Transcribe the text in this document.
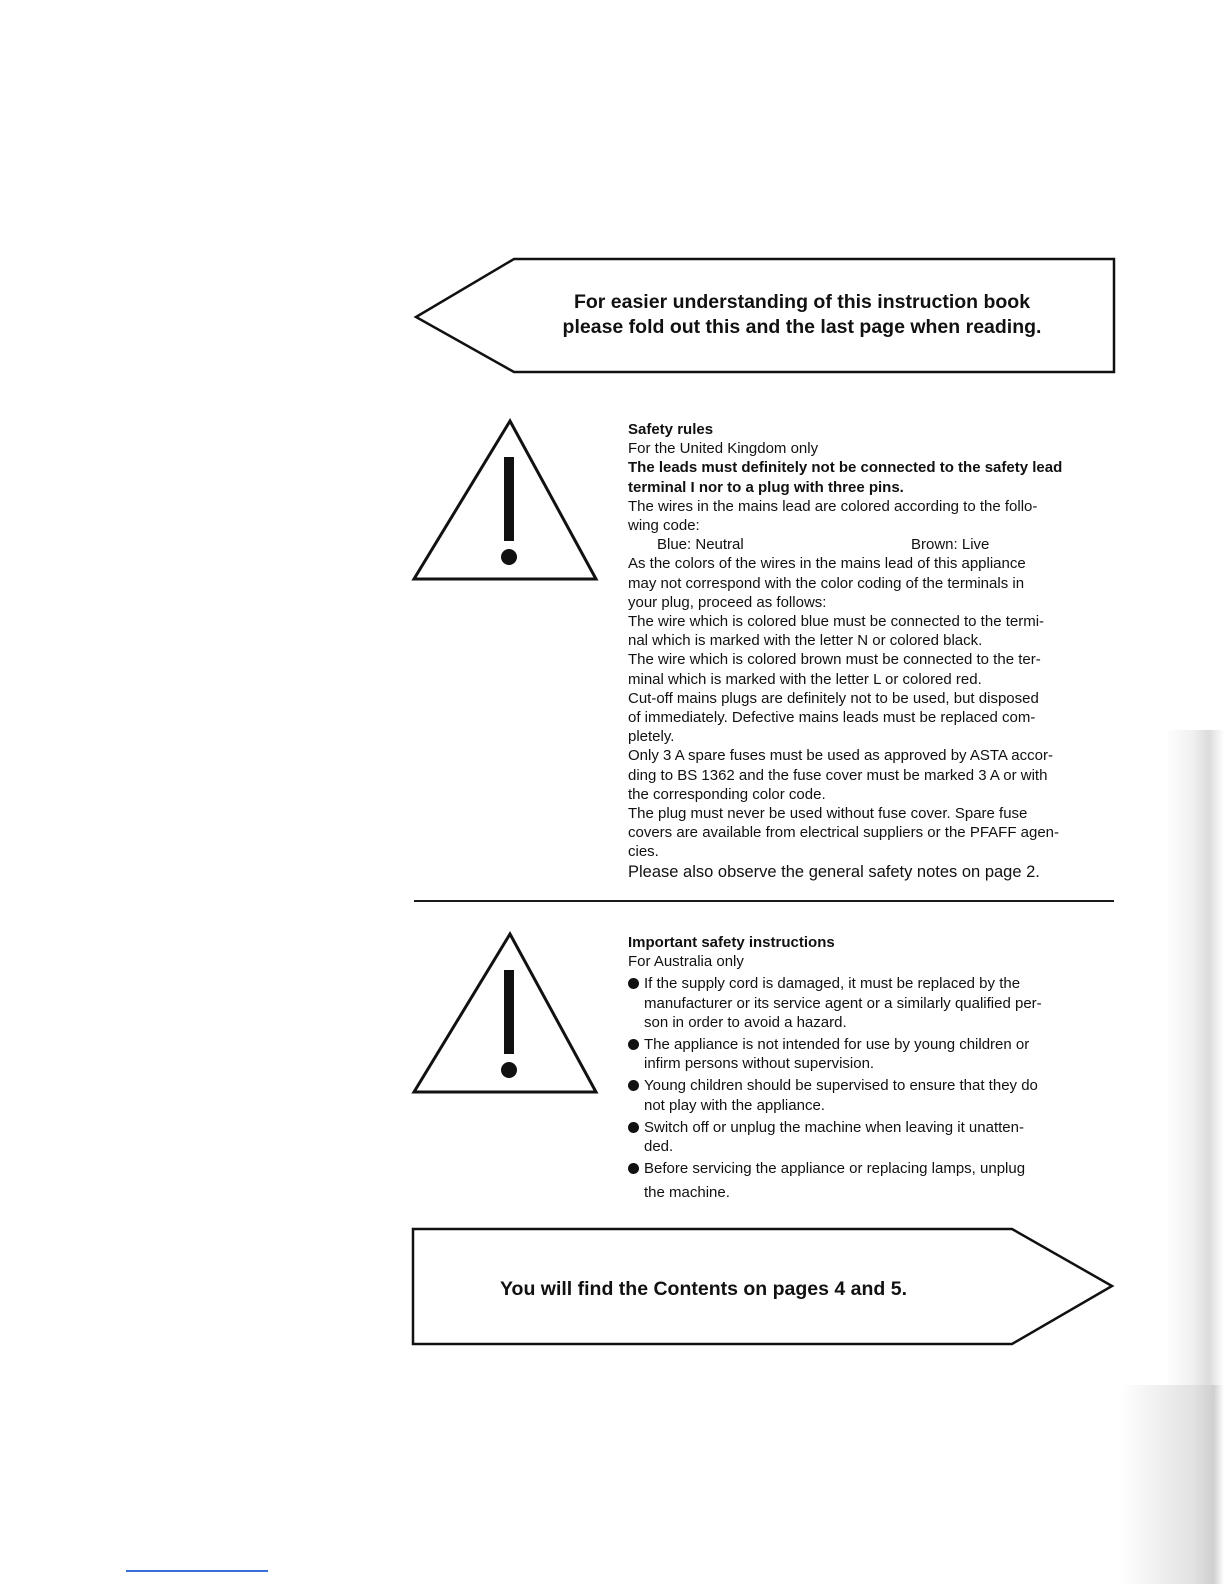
For easier understanding of this instruction book
please fold out this and the last page when reading.

Safety rules

For the United Kingdom only

The leads must definitely not be connected to the safety lead

terminal I nor to a plug with three pins.

The wires in the mains lead are colored according to the follo-

wing code:

Blue: Neutral	Brown: Live

As the colors of the wires in the mains lead of this appliance

may not correspond with the color coding of the terminals in

your plug, proceed as follows:

The wire which is colored blue must be connected to the termi-

nal which is marked with the letter N or colored black.

The wire which is colored brown must be connected to the ter-

minal which is marked with the letter L or colored red.

Cut-off mains plugs are definitely not to be used, but disposed

of immediately. Defective mains leads must be replaced com-

pletely.

Only 3 A spare fuses must be used as approved by ASTA accor-

ding to BS 1362 and the fuse cover must be marked 3 A or with

the corresponding color code.

The plug must never be used without fuse cover. Spare fuse

covers are available from electrical suppliers or the PFAFF agen-

cies.

Please also observe the general safety notes on page 2.

Important safety instructions

For Australia only

If the supply cord is damaged, it must be replaced by the
manufacturer or its service agent or a similarly qualified per-
son in order to avoid a hazard.
The appliance is not intended for use by young children or
infirm persons without supervision.
Young children should be supervised to ensure that they do
not play with the appliance.
Switch off or unplug the machine when leaving it unatten-
ded.
Before servicing the appliance or replacing lamps, unplug
the machine.
You will find the Contents on pages 4 and 5.
